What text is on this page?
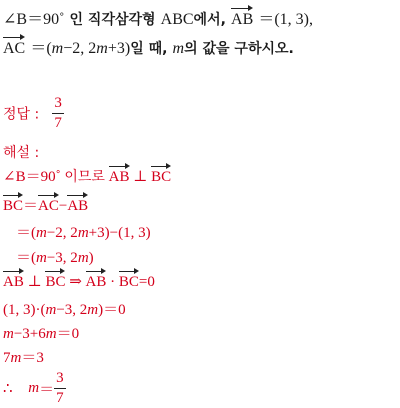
∠B＝90˚ 인 직각삼각형 ABC에서, AB ＝(1, 3),
AC ＝(m−2, 2m+3)일 때, m의 값을 구하시오.
정답 : $\frac{3}{7}$
해설 :
∠B＝90˚ 이므로 AB ⊥ BC
BC＝AC−AB
＝(m−2, 2m+3)−(1, 3)
＝(m−3, 2m)
AB ⊥ BC ⇒ AB · BC=0
(1, 3)·(m−3, 2m)＝0
m−3+6m＝0
7m＝3
∴ $m= \frac{3}{7}$
